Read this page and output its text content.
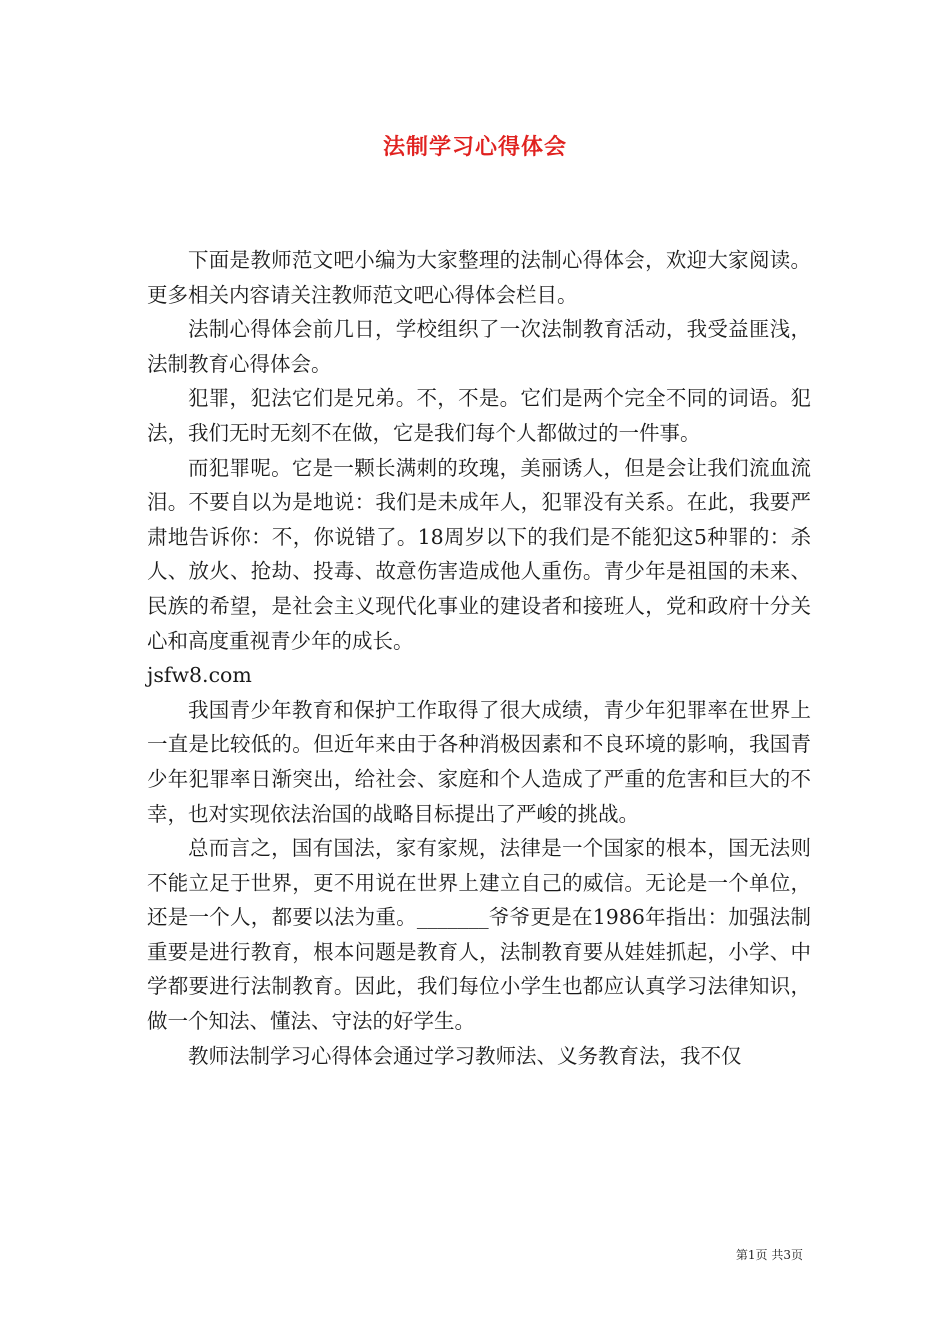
法制学习心得体会

下面是教师范文吧小编为大家整理的法制心得体会，欢迎大家阅读。更多相关内容请关注教师范文吧心得体会栏目。

法制心得体会前几日，学校组织了一次法制教育活动，我受益匪浅，法制教育心得体会。

犯罪，犯法它们是兄弟。不，不是。它们是两个完全不同的词语。犯法，我们无时无刻不在做，它是我们每个人都做过的一件事。

而犯罪呢。它是一颗长满刺的玫瑰，美丽诱人，但是会让我们流血流泪。不要自以为是地说：我们是未成年人，犯罪没有关系。在此，我要严肃地告诉你：不，你说错了。18周岁以下的我们是不能犯这5种罪的：杀人、放火、抢劫、投毒、故意伤害造成他人重伤。青少年是祖国的未来、民族的希望，是社会主义现代化事业的建设者和接班人，党和政府十分关心和高度重视青少年的成长。

jsfw8.com

我国青少年教育和保护工作取得了很大成绩，青少年犯罪率在世界上一直是比较低的。但近年来由于各种消极因素和不良环境的影响，我国青少年犯罪率日渐突出，给社会、家庭和个人造成了严重的危害和巨大的不幸，也对实现依法治国的战略目标提出了严峻的挑战。

总而言之，国有国法，家有家规，法律是一个国家的根本，国无法则不能立足于世界，更不用说在世界上建立自己的威信。无论是一个单位，还是一个人，都要以法为重。_______爷爷更是在1986年指出：加强法制重要是进行教育，根本问题是教育人，法制教育要从娃娃抓起，小学、中学都要进行法制教育。因此，我们每位小学生也都应认真学习法律知识，做一个知法、懂法、守法的好学生。

教师法制学习心得体会通过学习教师法、义务教育法，我不仅

第1页 共3页
